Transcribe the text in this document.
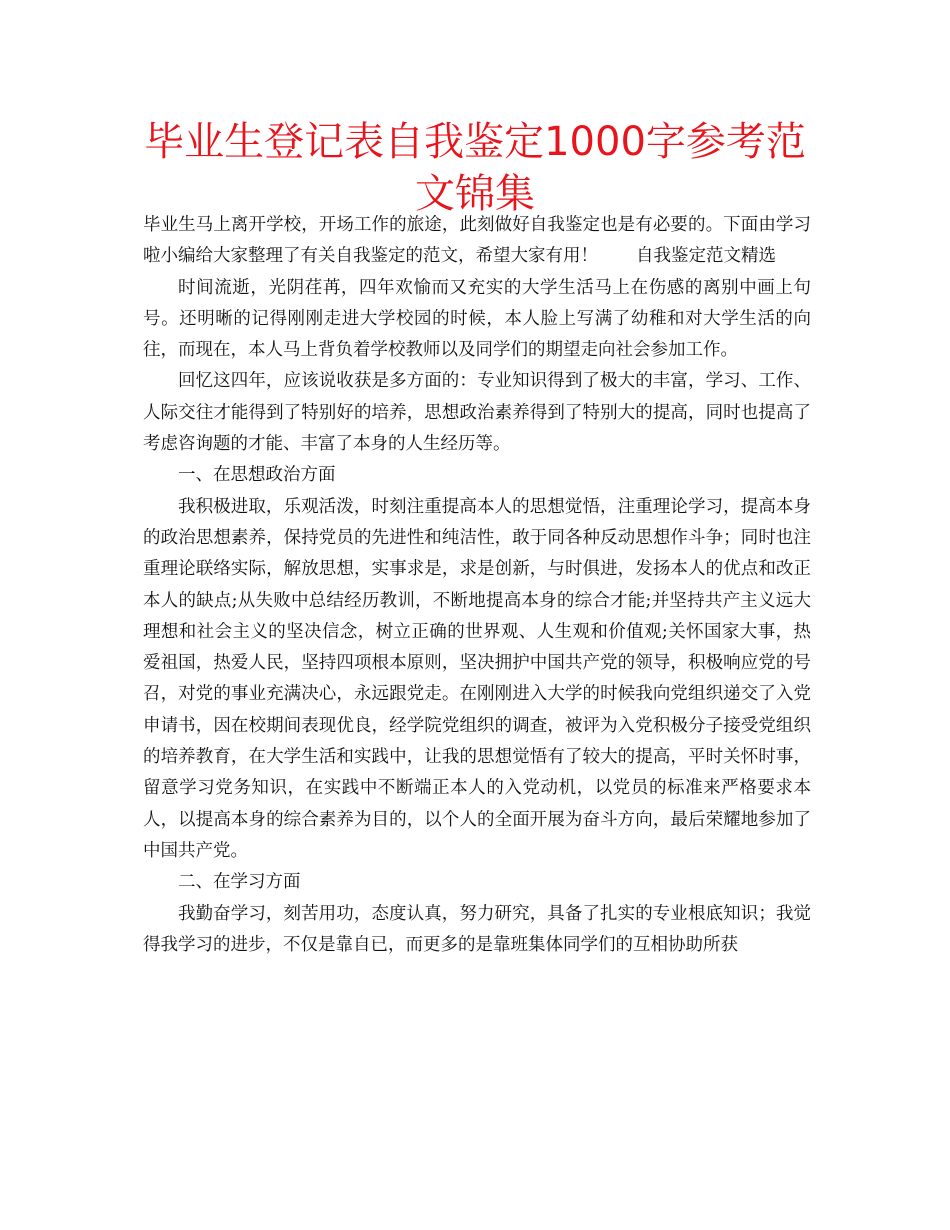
毕业生登记表自我鉴定1000字参考范文锦集

毕业生马上离开学校，开场工作的旅途，此刻做好自我鉴定也是有必要的。下面由学习啦小编给大家整理了有关自我鉴定的范文，希望大家有用！ 自我鉴定范文精选

时间流逝，光阴荏苒，四年欢愉而又充实的大学生活马上在伤感的离别中画上句号。还明晰的记得刚刚走进大学校园的时候，本人脸上写满了幼稚和对大学生活的向往，而现在，本人马上背负着学校教师以及同学们的期望走向社会参加工作。

回忆这四年，应该说收获是多方面的：专业知识得到了极大的丰富，学习、工作、人际交往才能得到了特别好的培养，思想政治素养得到了特别大的提高，同时也提高了考虑咨询题的才能、丰富了本身的人生经历等。

一、在思想政治方面

我积极进取，乐观活泼，时刻注重提高本人的思想觉悟，注重理论学习，提高本身的政治思想素养，保持党员的先进性和纯洁性，敢于同各种反动思想作斗争；同时也注重理论联络实际，解放思想，实事求是，求是创新，与时俱进，发扬本人的优点和改正本人的缺点;从失败中总结经历教训，不断地提高本身的综合才能;并坚持共产主义远大理想和社会主义的坚决信念，树立正确的世界观、人生观和价值观;关怀国家大事，热爱祖国，热爱人民，坚持四项根本原则，坚决拥护中国共产党的领导，积极响应党的号召，对党的事业充满决心，永远跟党走。在刚刚进入大学的时候我向党组织递交了入党申请书，因在校期间表现优良，经学院党组织的调查，被评为入党积极分子接受党组织的培养教育，在大学生活和实践中，让我的思想觉悟有了较大的提高，平时关怀时事，留意学习党务知识，在实践中不断端正本人的入党动机，以党员的标准来严格要求本人，以提高本身的综合素养为目的，以个人的全面开展为奋斗方向，最后荣耀地参加了中国共产党。

二、在学习方面

我勤奋学习，刻苦用功，态度认真，努力研究，具备了扎实的专业根底知识；我觉得我学习的进步，不仅是靠自已，而更多的是靠班集体同学们的互相协助所获
